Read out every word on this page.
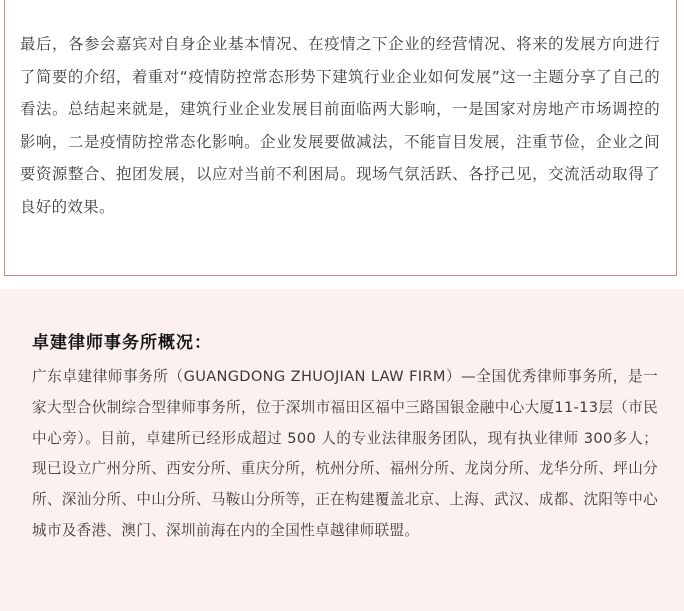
最后，各参会嘉宾对自身企业基本情况、在疫情之下企业的经营情况、将来的发展方向进行了简要的介绍，着重对“疫情防控常态形势下建筑行业企业如何发展”这一主题分享了自己的看法。总结起来就是，建筑行业企业发展目前面临两大影响，一是国家对房地产市场调控的影响，二是疫情防控常态化影响。企业发展要做减法，不能盲目发展，注重节俭，企业之间要资源整合、抱团发展，以应对当前不利困局。现场气氛活跃、各抒己见，交流活动取得了良好的效果。

卓建律师事务所概况：

广东卓建律师事务所（GUANGDONG ZHUOJIAN LAW FIRM）—全国优秀律师事务所，是一家大型合伙制综合型律师事务所，位于深圳市福田区福中三路国银金融中心大厦11-13层（市民中心旁）。目前，卓建所已经形成超过 500 人的专业法律服务团队，现有执业律师 300多人；现已设立广州分所、西安分所、重庆分所，杭州分所、福州分所、龙岗分所、龙华分所、坪山分所、深汕分所、中山分所、马鞍山分所等，正在构建覆盖北京、上海、武汉、成都、沈阳等中心城市及香港、澳门、深圳前海在内的全国性卓越律师联盟。
